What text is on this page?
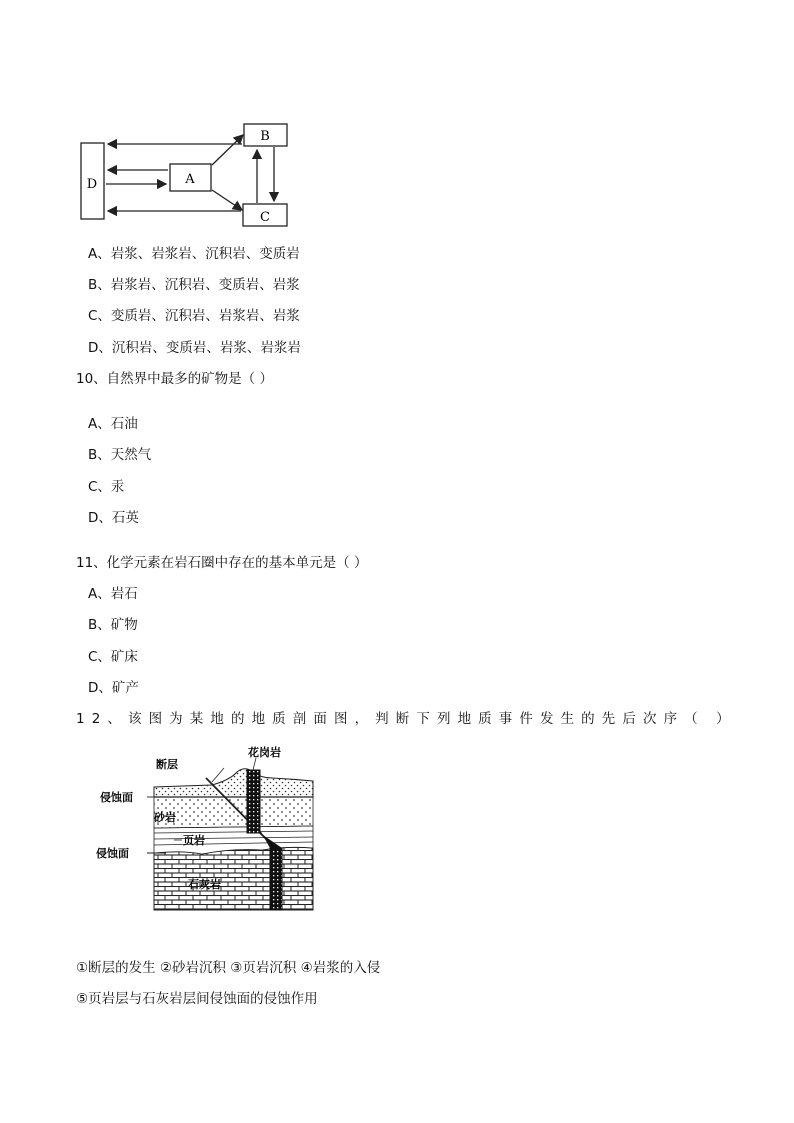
D	A
B
C
A、岩浆、岩浆岩、沉积岩、变质岩
B、岩浆岩、沉积岩、变质岩、岩浆
C、变质岩、沉积岩、岩浆岩、岩浆
D、沉积岩、变质岩、岩浆、岩浆岩
10、自然界中最多的矿物是（ ）
A、石油
B、天然气
C、汞
D、石英
11、化学元素在岩石圈中存在的基本单元是（ ）
A、岩石
B、矿物
C、矿床
D、矿产
12、该图为某地的地质剖面图，判断下列地质事件发生的先后次序（ ）
花岗岩
断层
侵蚀面
砂岩
页岩
侵蚀面
石灰岩
①断层的发生 ②砂岩沉积 ③页岩沉积 ④岩浆的入侵
⑤页岩层与石灰岩层间侵蚀面的侵蚀作用
